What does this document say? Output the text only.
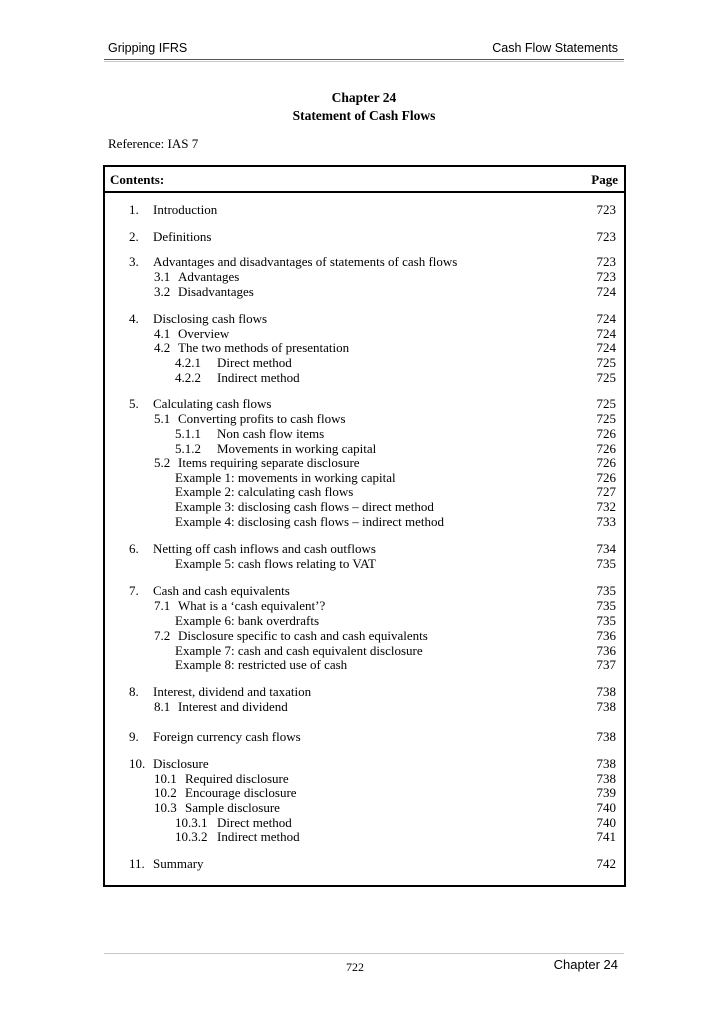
Gripping IFRS	Cash Flow Statements
Chapter 24
Statement of Cash Flows
Reference: IAS 7
Contents:	Page
1. Introduction	723
2. Definitions	723
3. Advantages and disadvantages of statements of cash flows	723
3.1 Advantages	723
3.2 Disadvantages	724
4. Disclosing cash flows	724
4.1 Overview	724
4.2 The two methods of presentation	724
4.2.1 Direct method	725
4.2.2 Indirect method	725
5. Calculating cash flows	725
5.1 Converting profits to cash flows	725
5.1.1 Non cash flow items	726
5.1.2 Movements in working capital	726
5.2 Items requiring separate disclosure	726
Example 1: movements in working capital	726
Example 2: calculating cash flows	727
Example 3: disclosing cash flows – direct method	732
Example 4: disclosing cash flows – indirect method	733
6. Netting off cash inflows and cash outflows	734
Example 5: cash flows relating to VAT	735
7. Cash and cash equivalents	735
7.1 What is a ‘cash equivalent’?	735
Example 6: bank overdrafts	735
7.2 Disclosure specific to cash and cash equivalents	736
Example 7: cash and cash equivalent disclosure	736
Example 8: restricted use of cash	737
8. Interest, dividend and taxation	738
8.1 Interest and dividend	738
9. Foreign currency cash flows	738
10. Disclosure	738
10.1 Required disclosure	738
10.2 Encourage disclosure	739
10.3 Sample disclosure	740
10.3.1 Direct method	740
10.3.2 Indirect method	741
11. Summary	742
722	Chapter 24
